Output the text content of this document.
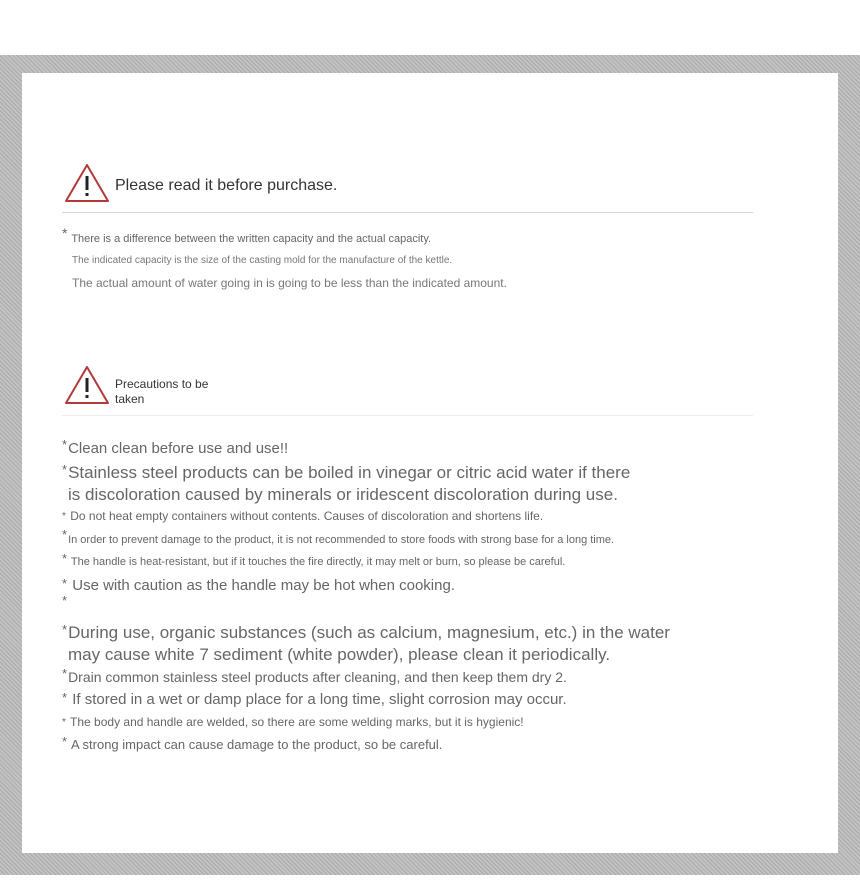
Please read it before purchase.
* There is a difference between the written capacity and the actual capacity.
The indicated capacity is the size of the casting mold for the manufacture of the kettle.
The actual amount of water going in is going to be less than the indicated amount.
Precautions to be taken
*Clean clean before use and use!!
*Stainless steel products can be boiled in vinegar or citric acid water if there
is discoloration caused by minerals or iridescent discoloration during use.
* Do not heat empty containers without contents. Causes of discoloration and shortens life.
*In order to prevent damage to the product, it is not recommended to store foods with strong base for a long time.
* The handle is heat-resistant, but if it touches the fire directly, it may melt or burn, so please be careful.
* Use with caution as the handle may be hot when cooking.
*
*During use, organic substances (such as calcium, magnesium, etc.) in the water
may cause white 7 sediment (white powder), please clean it periodically.
*Drain common stainless steel products after cleaning, and then keep them dry 2.
* If stored in a wet or damp place for a long time, slight corrosion may occur.
* The body and handle are welded, so there are some welding marks, but it is hygienic!
* A strong impact can cause damage to the product, so be careful.
